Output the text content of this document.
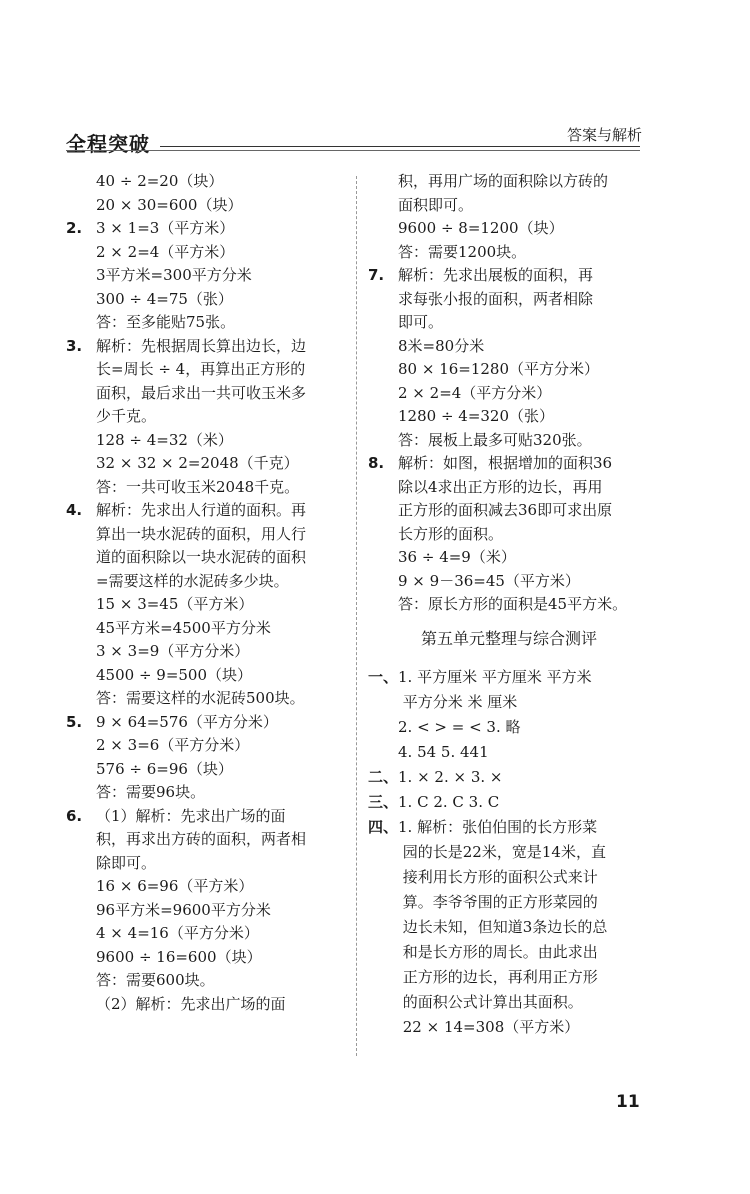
全程突破	答案与解析
40 ÷ 2=20（块）
20 × 30=600（块）
2. 3 × 1=3（平方米）
2 × 2=4（平方米）
3平方米=300平方分米
300 ÷ 4=75（张）
答：至多能贴75张。
3. 解析：先根据周长算出边长，边
长=周长 ÷ 4，再算出正方形的
面积，最后求出一共可收玉米多
少千克。
128 ÷ 4=32（米）
32 × 32 × 2=2048（千克）
答：一共可收玉米2048千克。
4. 解析：先求出人行道的面积。再
算出一块水泥砖的面积，用人行
道的面积除以一块水泥砖的面积
=需要这样的水泥砖多少块。
15 × 3=45（平方米）
45平方米=4500平方分米
3 × 3=9（平方分米）
4500 ÷ 9=500（块）
答：需要这样的水泥砖500块。
5. 9 × 64=576（平方分米）
2 × 3=6（平方分米）
576 ÷ 6=96（块）
答：需要96块。
6. （1）解析：先求出广场的面
积，再求出方砖的面积，两者相
除即可。
16 × 6=96（平方米）
96平方米=9600平方分米
4 × 4=16（平方分米）
9600 ÷ 16=600（块）
答：需要600块。
（2）解析：先求出广场的面
积，再用广场的面积除以方砖的
面积即可。
9600 ÷ 8=1200（块）
答：需要1200块。
7. 解析：先求出展板的面积，再
求每张小报的面积，两者相除
即可。
8米=80分米
80 × 16=1280（平方分米）
2 × 2=4（平方分米）
1280 ÷ 4=320（张）
答：展板上最多可贴320张。
8. 解析：如图，根据增加的面积36
除以4求出正方形的边长，再用
正方形的面积减去36即可求出原
长方形的面积。
36 ÷ 4=9（米）
9 × 9－36=45（平方米）
答：原长方形的面积是45平方米。
第五单元整理与综合测评
一、1. 平方厘米 平方厘米 平方米
平方分米 米 厘米
2. < > = < 3. 略
4. 54 5. 441
二、1. × 2. × 3. ×
三、1. C 2. C 3. C
四、1. 解析：张伯伯围的长方形菜
园的长是22米，宽是14米，直
接利用长方形的面积公式来计
算。李爷爷围的正方形菜园的
边长未知，但知道3条边长的总
和是长方形的周长。由此求出
正方形的边长，再利用正方形
的面积公式计算出其面积。
22 × 14=308（平方米）
11
